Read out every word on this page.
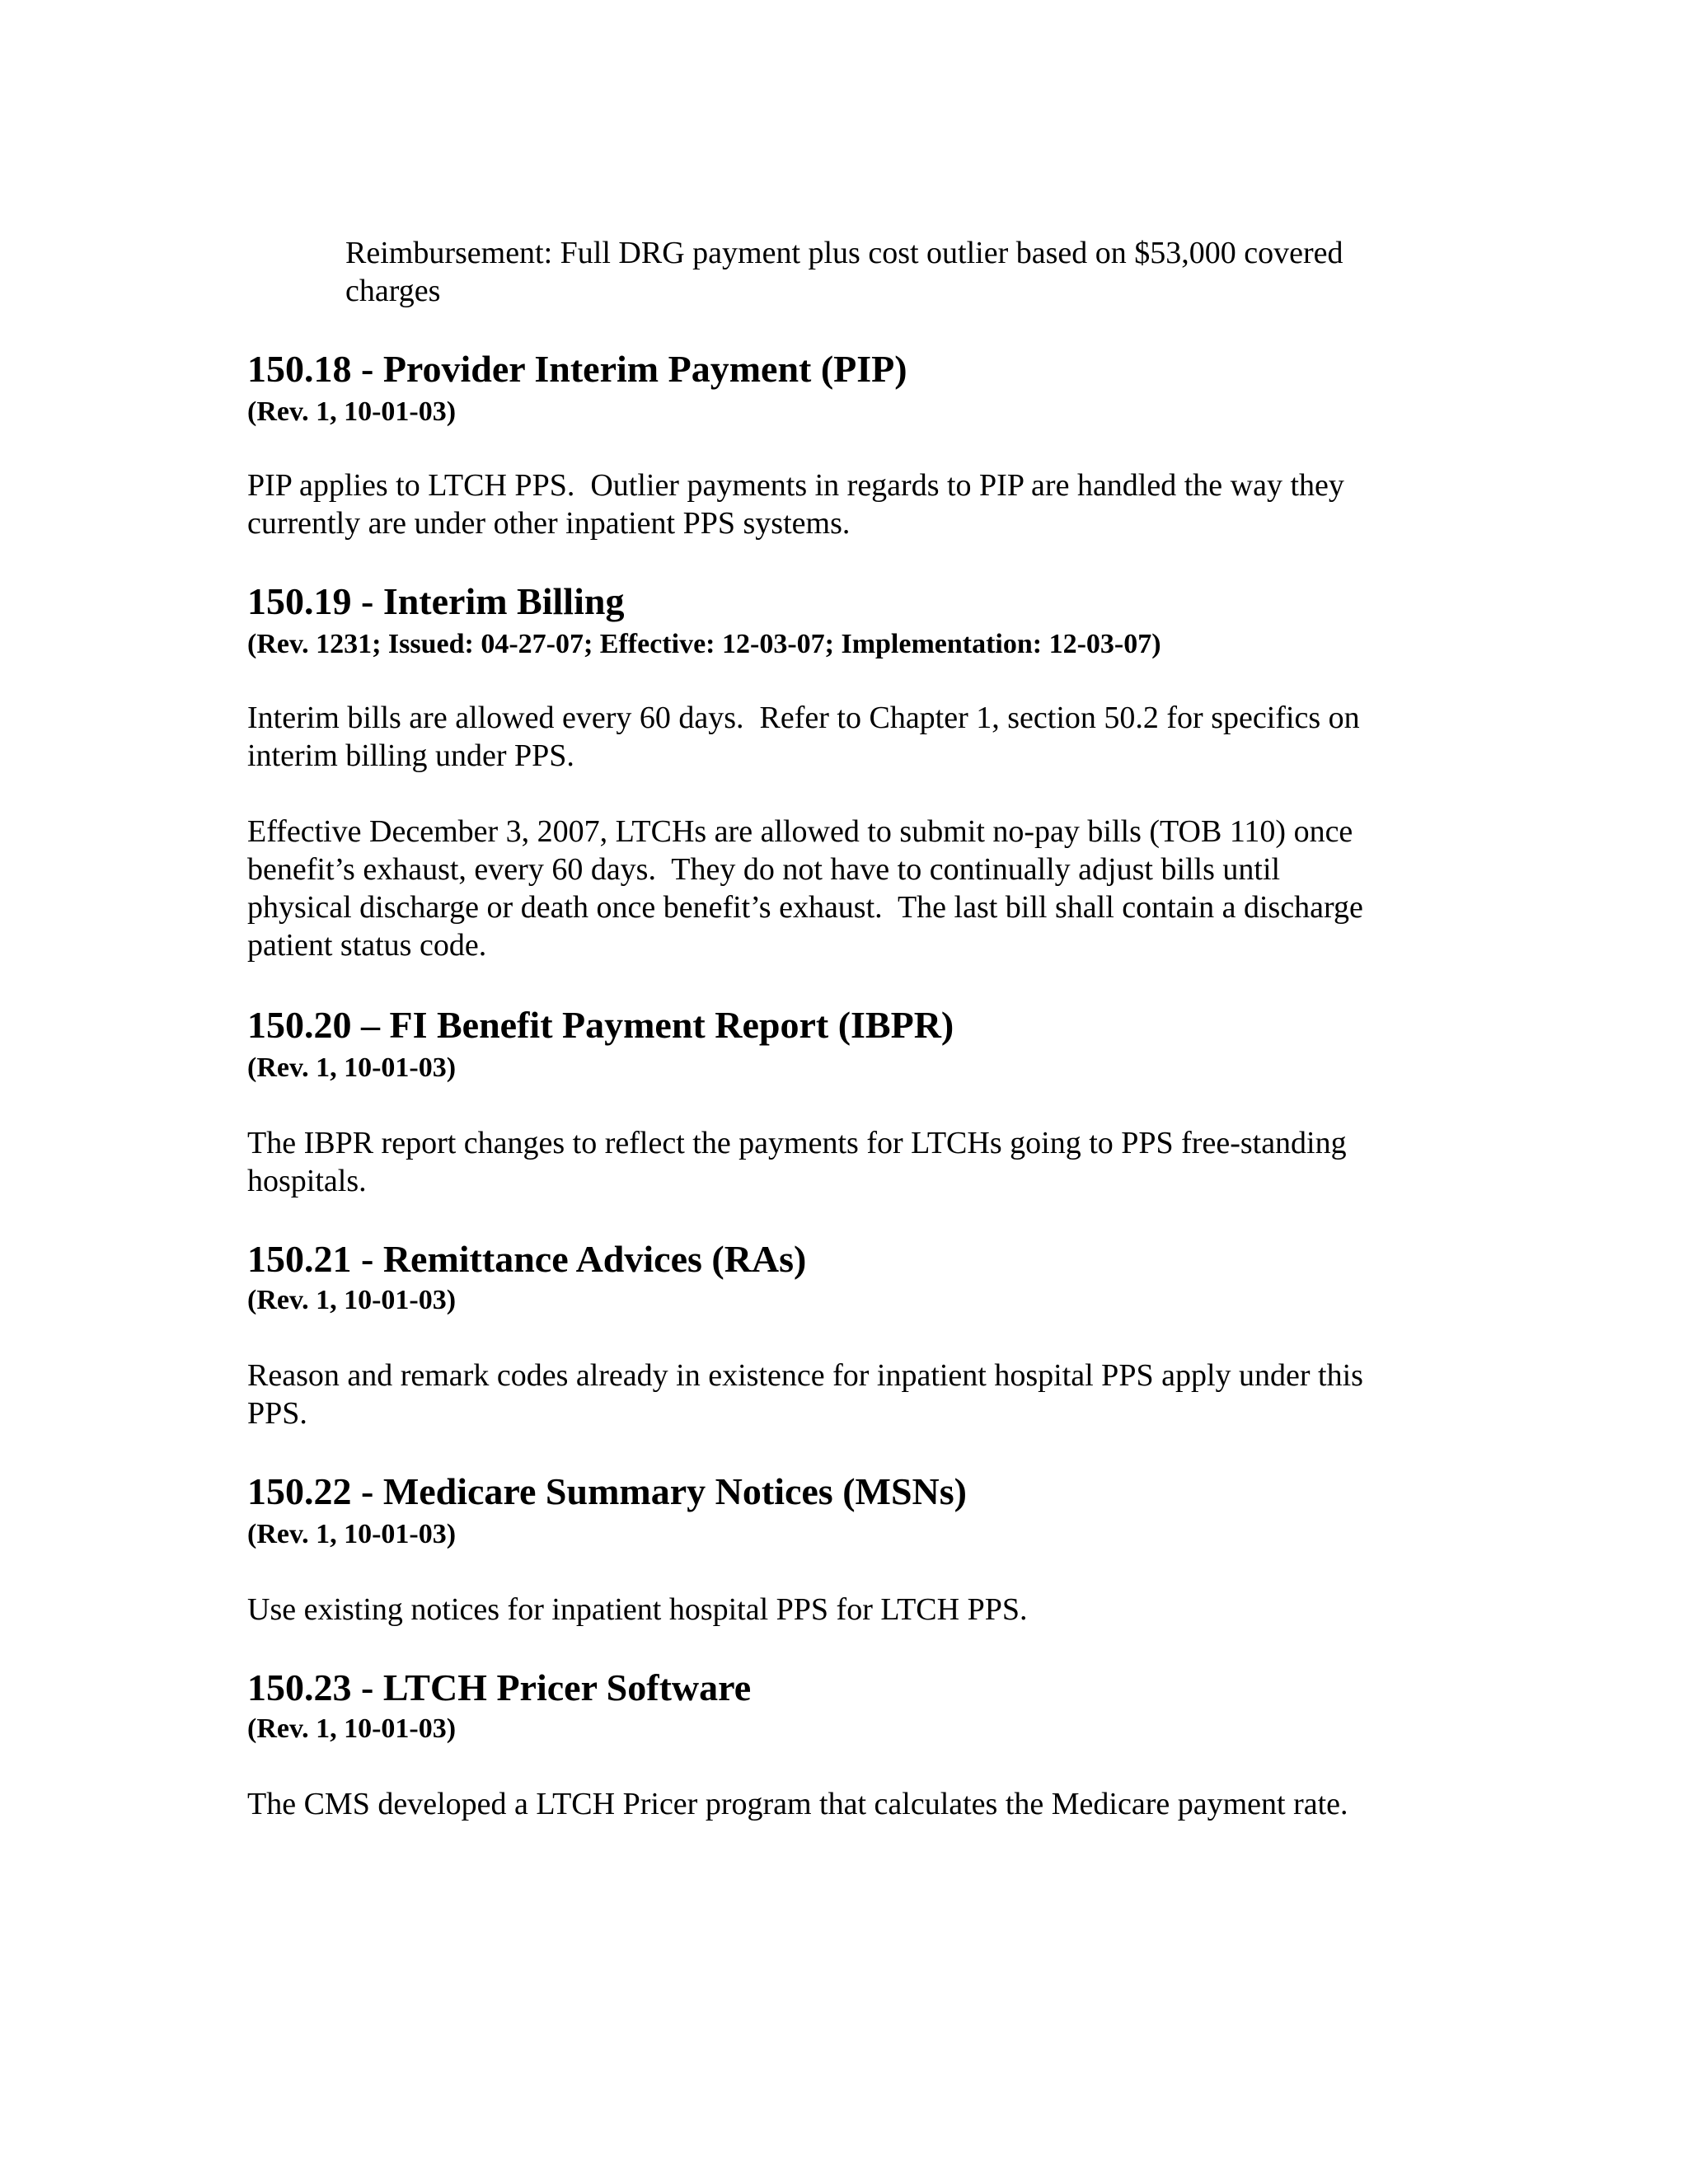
Reimbursement: Full DRG payment plus cost outlier based on $53,000 covered
charges

150.18 - Provider Interim Payment (PIP)
(Rev. 1, 10-01-03)

PIP applies to LTCH PPS.  Outlier payments in regards to PIP are handled the way they
currently are under other inpatient PPS systems.

150.19 - Interim Billing
(Rev. 1231; Issued: 04-27-07; Effective: 12-03-07; Implementation: 12-03-07)

Interim bills are allowed every 60 days.  Refer to Chapter 1, section 50.2 for specifics on
interim billing under PPS.

Effective December 3, 2007, LTCHs are allowed to submit no-pay bills (TOB 110) once
benefit’s exhaust, every 60 days.  They do not have to continually adjust bills until
physical discharge or death once benefit’s exhaust.  The last bill shall contain a discharge
patient status code.

150.20 – FI Benefit Payment Report (IBPR)
(Rev. 1, 10-01-03)

The IBPR report changes to reflect the payments for LTCHs going to PPS free-standing
hospitals.

150.21 - Remittance Advices (RAs)
(Rev. 1, 10-01-03)

Reason and remark codes already in existence for inpatient hospital PPS apply under this
PPS.

150.22 - Medicare Summary Notices (MSNs)
(Rev. 1, 10-01-03)

Use existing notices for inpatient hospital PPS for LTCH PPS.

150.23 - LTCH Pricer Software
(Rev. 1, 10-01-03)

The CMS developed a LTCH Pricer program that calculates the Medicare payment rate.
